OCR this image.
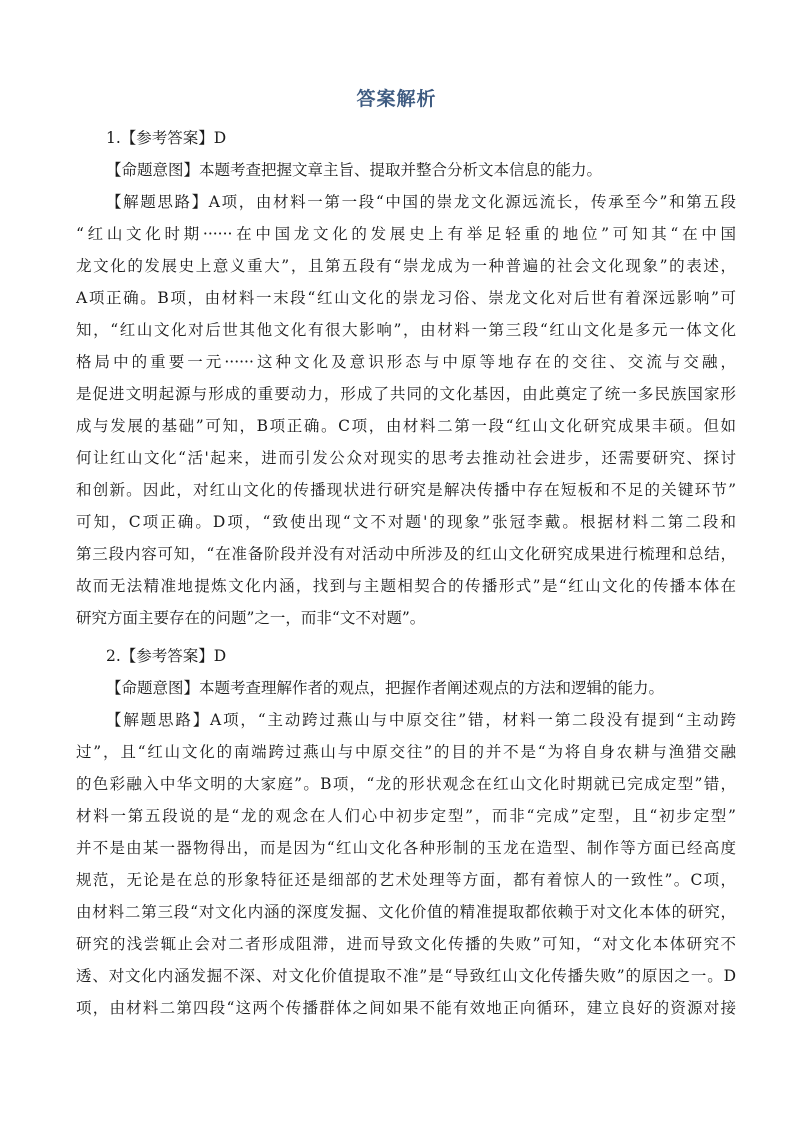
答案解析
1.【参考答案】D
【命题意图】本题考查把握文章主旨、提取并整合分析文本信息的能力。
【解题思路】A项，由材料一第一段“中国的崇龙文化源远流长，传承至今”和第五段
“红山文化时期······在中国龙文化的发展史上有举足轻重的地位”可知其“在中国
龙文化的发展史上意义重大”，且第五段有“崇龙成为一种普遍的社会文化现象”的表述，
A项正确。B项，由材料一末段“红山文化的崇龙习俗、崇龙文化对后世有着深远影响”可
知，“红山文化对后世其他文化有很大影响”，由材料一第三段“红山文化是多元一体文化
格局中的重要一元······这种文化及意识形态与中原等地存在的交往、交流与交融，
是促进文明起源与形成的重要动力，形成了共同的文化基因，由此奠定了统一多民族国家形
成与发展的基础”可知，B项正确。C项，由材料二第一段“红山文化研究成果丰硕。但如
何让红山文化“活'起来，进而引发公众对现实的思考去推动社会进步，还需要研究、探讨
和创新。因此，对红山文化的传播现状进行研究是解决传播中存在短板和不足的关键环节”
可知，C项正确。D项，“致使出现“文不对题'的现象”张冠李戴。根据材料二第二段和
第三段内容可知，“在准备阶段并没有对活动中所涉及的红山文化研究成果进行梳理和总结，
故而无法精准地提炼文化内涵，找到与主题相契合的传播形式”是“红山文化的传播本体在
研究方面主要存在的问题”之一，而非“文不对题”。
2.【参考答案】D
【命题意图】本题考查理解作者的观点，把握作者阐述观点的方法和逻辑的能力。
【解题思路】A项，“主动跨过燕山与中原交往”错，材料一第二段没有提到“主动跨
过”，且“红山文化的南端跨过燕山与中原交往”的目的并不是“为将自身农耕与渔猎交融
的色彩融入中华文明的大家庭”。B项，“龙的形状观念在红山文化时期就已完成定型”错，
材料一第五段说的是“龙的观念在人们心中初步定型”，而非“完成”定型，且“初步定型”
并不是由某一器物得出，而是因为“红山文化各种形制的玉龙在造型、制作等方面已经高度
规范，无论是在总的形象特征还是细部的艺术处理等方面，都有着惊人的一致性”。C项，
由材料二第三段“对文化内涵的深度发掘、文化价值的精准提取都依赖于对文化本体的研究，
研究的浅尝辄止会对二者形成阻滞，进而导致文化传播的失败”可知，“对文化本体研究不
透、对文化内涵发掘不深、对文化价值提取不准”是“导致红山文化传播失败”的原因之一。D
项，由材料二第四段“这两个传播群体之间如果不能有效地正向循环，建立良好的资源对接
